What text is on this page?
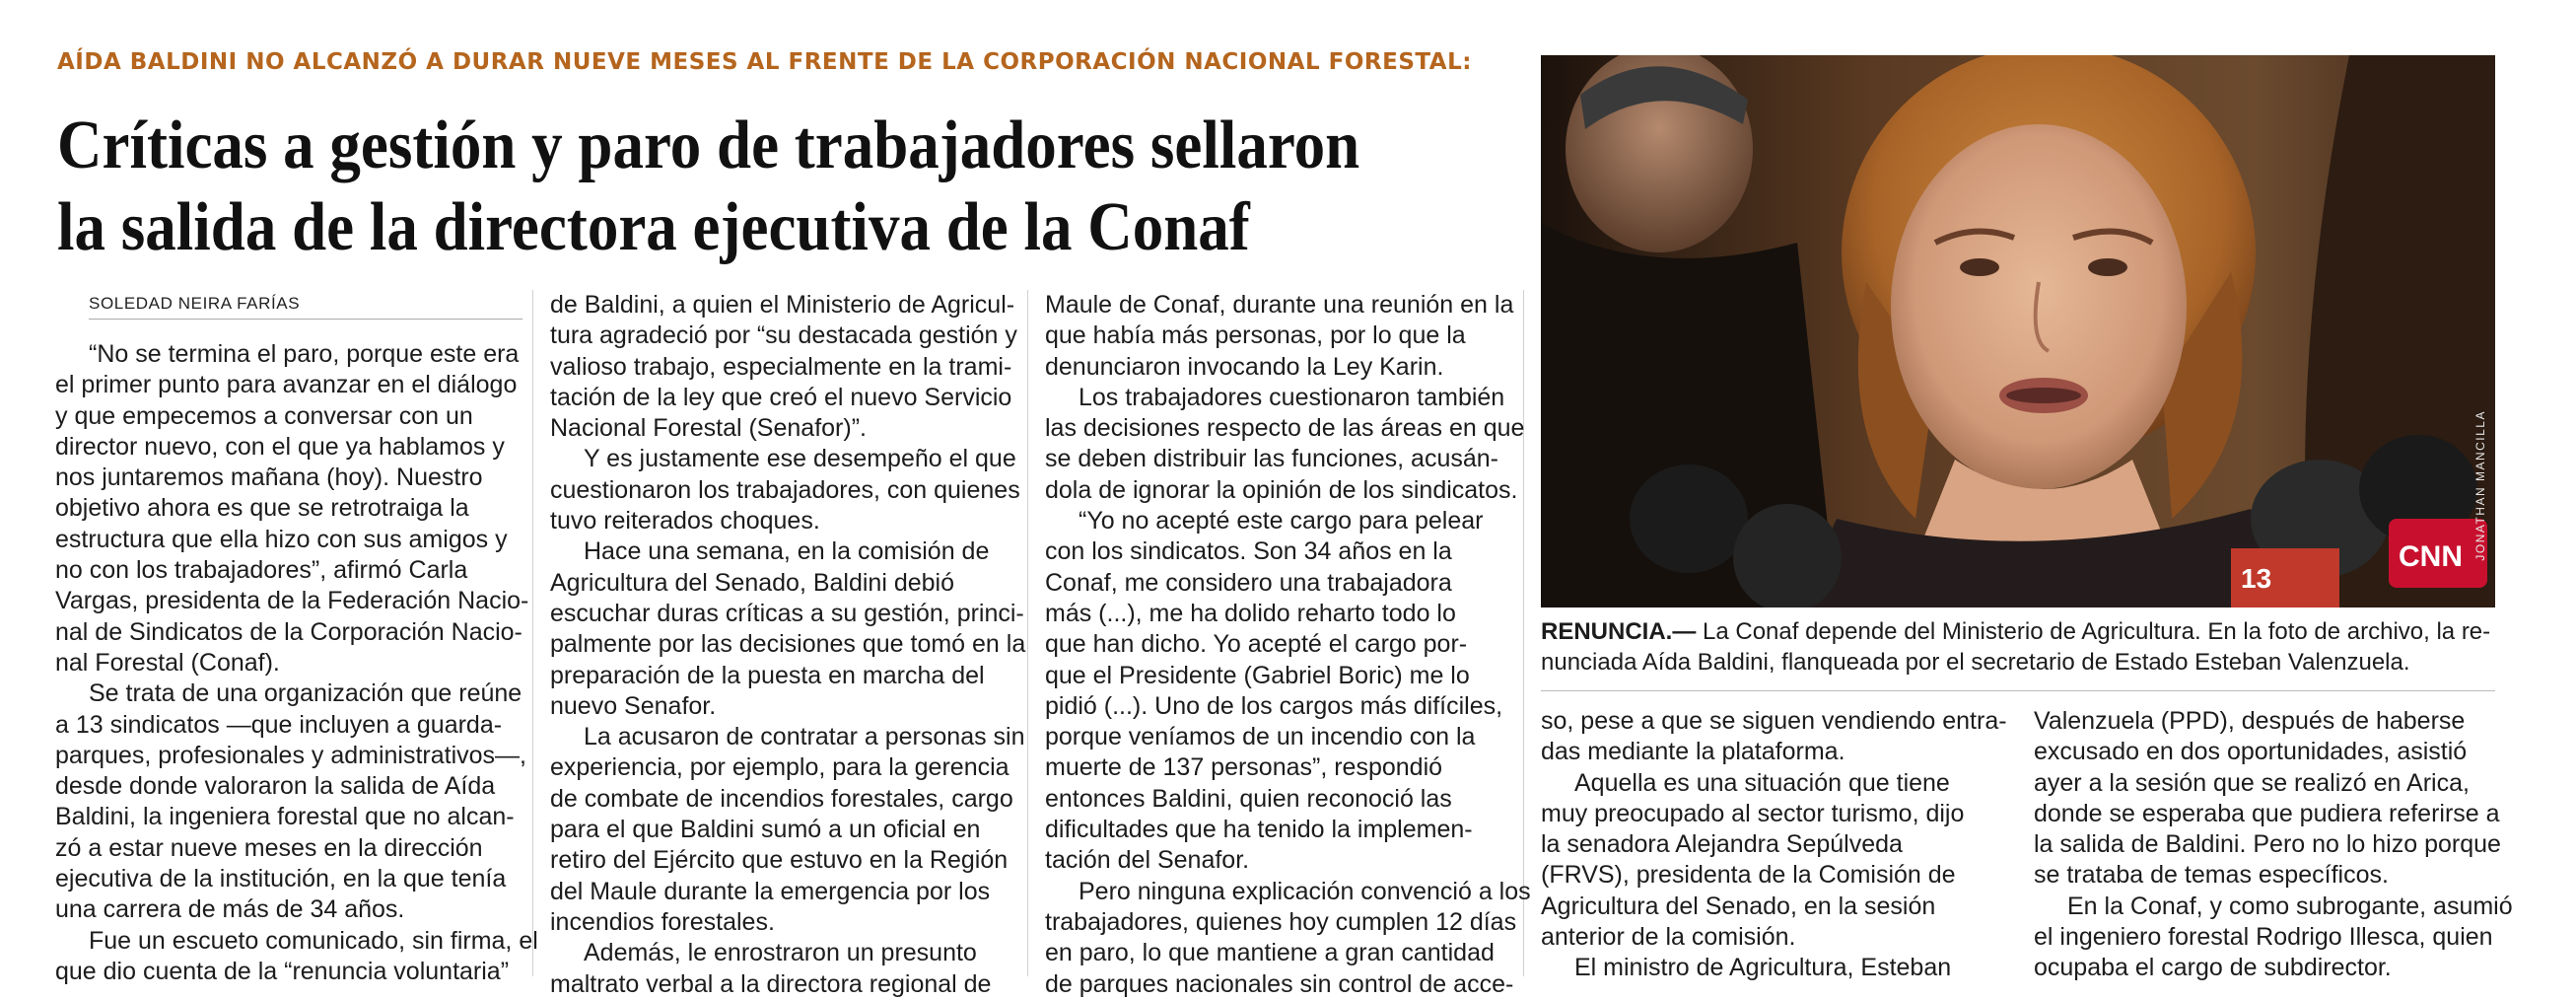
AÍDA BALDINI NO ALCANZÓ A DURAR NUEVE MESES AL FRENTE DE LA CORPORACIÓN NACIONAL FORESTAL:
Críticas a gestión y paro de trabajadores sellaron
la salida de la directora ejecutiva de la Conaf
SOLEDAD NEIRA FARÍAS

“No se termina el paro, porque este era

el primer punto para avanzar en el diálogo

y que empecemos a conversar con un

director nuevo, con el que ya hablamos y

nos juntaremos mañana (hoy). Nuestro

objetivo ahora es que se retrotraiga la

estructura que ella hizo con sus amigos y

no con los trabajadores”, afirmó Carla

Vargas, presidenta de la Federación Nacio-

nal de Sindicatos de la Corporación Nacio-

nal Forestal (Conaf).

Se trata de una organización que reúne

a 13 sindicatos —que incluyen a guarda-

parques, profesionales y administrativos—,

desde donde valoraron la salida de Aída

Baldini, la ingeniera forestal que no alcan-

zó a estar nueve meses en la dirección

ejecutiva de la institución, en la que tenía

una carrera de más de 34 años.

Fue un escueto comunicado, sin firma, el

que dio cuenta de la “renuncia voluntaria”

de Baldini, a quien el Ministerio de Agricul-

tura agradeció por “su destacada gestión y

valioso trabajo, especialmente en la trami-

tación de la ley que creó el nuevo Servicio

Nacional Forestal (Senafor)”.

Y es justamente ese desempeño el que

cuestionaron los trabajadores, con quienes

tuvo reiterados choques.

Hace una semana, en la comisión de

Agricultura del Senado, Baldini debió

escuchar duras críticas a su gestión, princi-

palmente por las decisiones que tomó en la

preparación de la puesta en marcha del

nuevo Senafor.

La acusaron de contratar a personas sin

experiencia, por ejemplo, para la gerencia

de combate de incendios forestales, cargo

para el que Baldini sumó a un oficial en

retiro del Ejército que estuvo en la Región

del Maule durante la emergencia por los

incendios forestales.

Además, le enrostraron un presunto

maltrato verbal a la directora regional de

Maule de Conaf, durante una reunión en la

que había más personas, por lo que la

denunciaron invocando la Ley Karin.

Los trabajadores cuestionaron también

las decisiones respecto de las áreas en que

se deben distribuir las funciones, acusán-

dola de ignorar la opinión de los sindicatos.

“Yo no acepté este cargo para pelear

con los sindicatos. Son 34 años en la

Conaf, me considero una trabajadora

más (...), me ha dolido reharto todo lo

que han dicho. Yo acepté el cargo por-

que el Presidente (Gabriel Boric) me lo

pidió (...). Uno de los cargos más difíciles,

porque veníamos de un incendio con la

muerte de 137 personas”, respondió

entonces Baldini, quien reconoció las

dificultades que ha tenido la implemen-

tación del Senafor.

Pero ninguna explicación convenció a los

trabajadores, quienes hoy cumplen 12 días

en paro, lo que mantiene a gran cantidad

de parques nacionales sin control de acce-

13
CNN JONATHAN MANCILLA

RENUNCIA.— La Conaf depende del Ministerio de Agricultura. En la foto de archivo, la re-

nunciada Aída Baldini, flanqueada por el secretario de Estado Esteban Valenzuela.

so, pese a que se siguen vendiendo entra-

das mediante la plataforma.

Aquella es una situación que tiene

muy preocupado al sector turismo, dijo

la senadora Alejandra Sepúlveda

(FRVS), presidenta de la Comisión de

Agricultura del Senado, en la sesión

anterior de la comisión.

El ministro de Agricultura, Esteban

Valenzuela (PPD), después de haberse

excusado en dos oportunidades, asistió

ayer a la sesión que se realizó en Arica,

donde se esperaba que pudiera referirse a

la salida de Baldini. Pero no lo hizo porque

se trataba de temas específicos.

En la Conaf, y como subrogante, asumió

el ingeniero forestal Rodrigo Illesca, quien

ocupaba el cargo de subdirector.
